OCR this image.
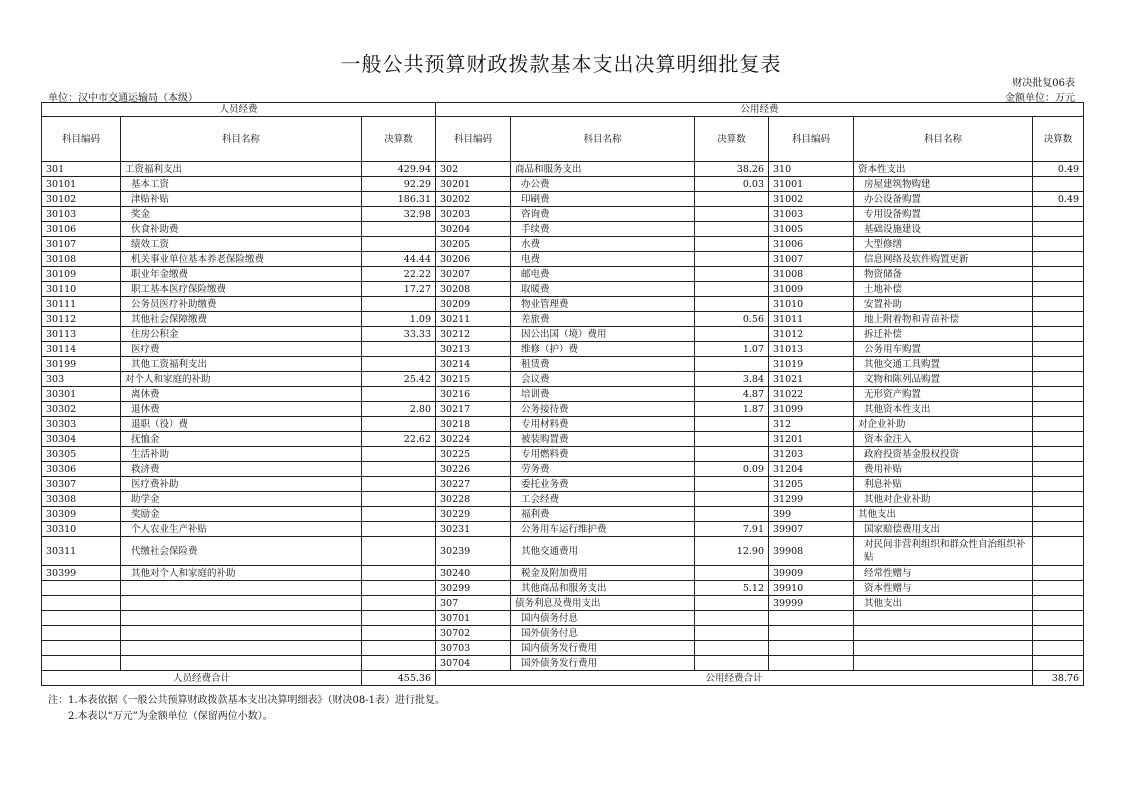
一般公共预算财政拨款基本支出决算明细批复表
财决批复06表
单位：汉中市交通运输局（本级）	金额单位：万元
人员经费			公用经费					
科目编码	科目名称	决算数	科目编码	科目名称	决算数	科目编码	科目名称	决算数
301	工资福利支出	429.94	302	商品和服务支出	38.26	310	资本性支出	0.49
30101	基本工资	92.29	30201	办公费	0.03	31001	房屋建筑物购建	
30102	津贴补贴	186.31	30202	印刷费		31002	办公设备购置	0.49
30103	奖金	32.98	30203	咨询费		31003	专用设备购置	
30106	伙食补助费		30204	手续费		31005	基础设施建设	
30107	绩效工资		30205	水费		31006	大型修缮	
30108	机关事业单位基本养老保险缴费	44.44	30206	电费		31007	信息网络及软件购置更新	
30109	职业年金缴费	22.22	30207	邮电费		31008	物资储备	
30110	职工基本医疗保险缴费	17.27	30208	取暖费		31009	土地补偿	
30111	公务员医疗补助缴费		30209	物业管理费		31010	安置补助	
30112	其他社会保障缴费	1.09	30211	差旅费	0.56	31011	地上附着物和青苗补偿	
30113	住房公积金	33.33	30212	因公出国（境）费用		31012	拆迁补偿	
30114	医疗费		30213	维修（护）费	1.07	31013	公务用车购置	
30199	其他工资福利支出		30214	租赁费		31019	其他交通工具购置	
303	对个人和家庭的补助	25.42	30215	会议费	3.84	31021	文物和陈列品购置	
30301	离休费		30216	培训费	4.87	31022	无形资产购置	
30302	退休费	2.80	30217	公务接待费	1.87	31099	其他资本性支出	
30303	退职（役）费		30218	专用材料费		312	对企业补助	
30304	抚恤金	22.62	30224	被装购置费		31201	资本金注入	
30305	生活补助		30225	专用燃料费		31203	政府投资基金股权投资	
30306	救济费		30226	劳务费	0.09	31204	费用补贴	
30307	医疗费补助		30227	委托业务费		31205	利息补贴	
30308	助学金		30228	工会经费		31299	其他对企业补助	
30309	奖励金		30229	福利费		399	其他支出	
30310	个人农业生产补贴		30231	公务用车运行维护费	7.91	39907	国家赔偿费用支出	
30311	代缴社会保险费		30239	其他交通费用	12.90	39908	对民间非营利组织和群众性自治组织补贴	
30399	其他对个人和家庭的补助		30240	税金及附加费用		39909	经常性赠与	
			30299	其他商品和服务支出	5.12	39910	资本性赠与	
			307	债务利息及费用支出		39999	其他支出	
			30701	国内债务付息				
			30702	国外债务付息				
			30703	国内债务发行费用				
			30704	国外债务发行费用				
人员经费合计		455.36	公用经费合计					38.76
注：1.本表依据《一般公共预算财政拨款基本支出决算明细表》（财决08-1表）进行批复。
2.本表以“万元”为金额单位（保留两位小数）。
